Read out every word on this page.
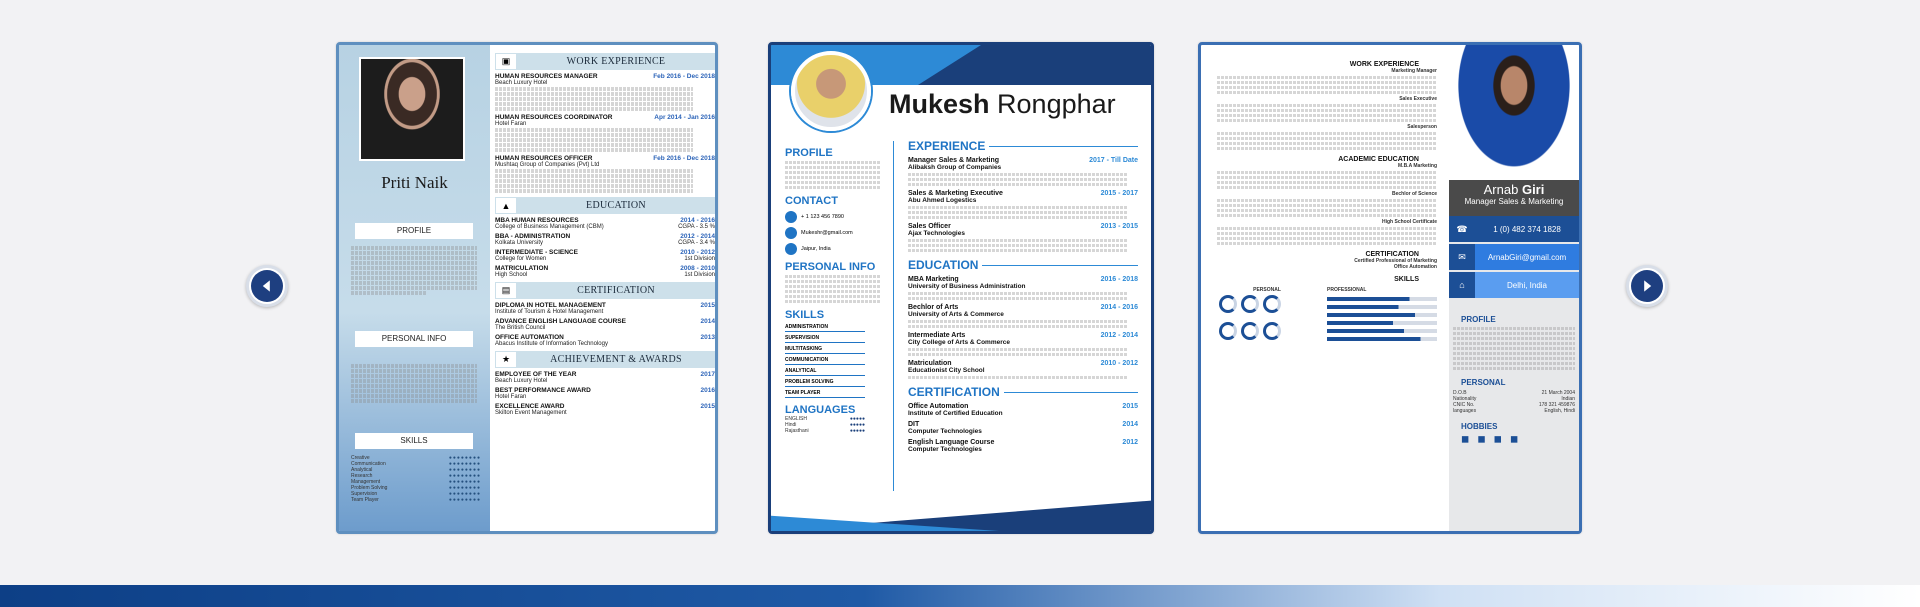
Priti Naik
PROFILE
PERSONAL INFO
SKILLS
Creative	●●●●●●●●
Communication	●●●●●●●●
Analytical	●●●●●●●●
Research	●●●●●●●●
Management	●●●●●●●●
Problem Solving	●●●●●●●●
Supervision	●●●●●●●●
Team Player	●●●●●●●●
▣	WORK EXPERIENCE
HUMAN RESOURCES MANAGER	Feb 2016 - Dec 2018
Beach Luxury Hotel
HUMAN RESOURCES COORDINATOR	Apr 2014 - Jan 2016
Hotel Faran
HUMAN RESOURCES OFFICER	Feb 2016 - Dec 2018
Mushtaq Group of Companies (Pvt) Ltd
▲	EDUCATION
MBA HUMAN RESOURCES	2014 - 2016
College of Business Management (CBM)	CGPA - 3.5 %
BBA - ADMINISTRATION	2012 - 2014
Kolkata University	CGPA - 3.4 %
INTERMEDIATE - SCIENCE	2010 - 2012
College for Women	1st Division
MATRICULATION	2008 - 2010
High School	1st Division
▤	CERTIFICATION
DIPLOMA IN HOTEL MANAGEMENT	2015
Institute of Tourism & Hotel Management
ADVANCE ENGLISH LANGUAGE COURSE	2014
The British Council
OFFICE AUTOMATION	2013
Abacus Institute of Information Technology
★	ACHIEVEMENT & AWARDS
EMPLOYEE OF THE YEAR	2017
Beach Luxury Hotel
BEST PERFORMANCE AWARD	2016
Hotel Faran
EXCELLENCE AWARD	2015
Skilton Event Management
Mukesh Rongphar
PROFILE
CONTACT
+ 1 123 456 7890
Mukeshr@gmail.com
Jaipur, India
PERSONAL INFO
SKILLS
ADMINISTRATION
SUPERVISION
MULTITASKING
COMMUNICATION
ANALYTICAL
PROBLEM SOLVING
TEAM PLAYER
LANGUAGES
ENGLISH	●●●●●
Hindi	●●●●●
Rajasthani	●●●●●
EXPERIENCE
Manager Sales & Marketing	2017 - Till Date
Alibaksh Group of Companies
Sales & Marketing Executive	2015 - 2017
Abu Ahmed Logestics
Sales Officer	2013 - 2015
Ajax Technologies
EDUCATION
MBA Marketing	2016 - 2018
University of Business Administration
Bechlor of Arts	2014 - 2016
University of Arts & Commerce
Intermediate Arts	2012 - 2014
City College of Arts & Commerce
Matriculation	2010 - 2012
Educationist City School
CERTIFICATION
Office Automation	2015
Institute of Certified Education
DIT	2014
Computer Technologies
English Language Course	2012
Computer Technologies
Arnab Giri
Manager Sales & Marketing
☎	1 (0) 482 374 1828
✉	ArnabGiri@gmail.com
⌂	Delhi, India
PROFILE
PERSONAL
D.O.B	21 March 2004
Nationality	Indian
CNIC No.	178 321 459876
languages	English, Hindi
HOBBIES
◼ ◼ ◼ ◼
WORK EXPERIENCE
Marketing Manager
Sales Executive
Salesperson
ACADEMIC EDUCATION
M.B.A Marketing
Bechlor of Science
High School Certificate
CERTIFICATION
Certified Professional of Marketing
Office Automation
SKILLS
PERSONAL	PROFESSIONAL
